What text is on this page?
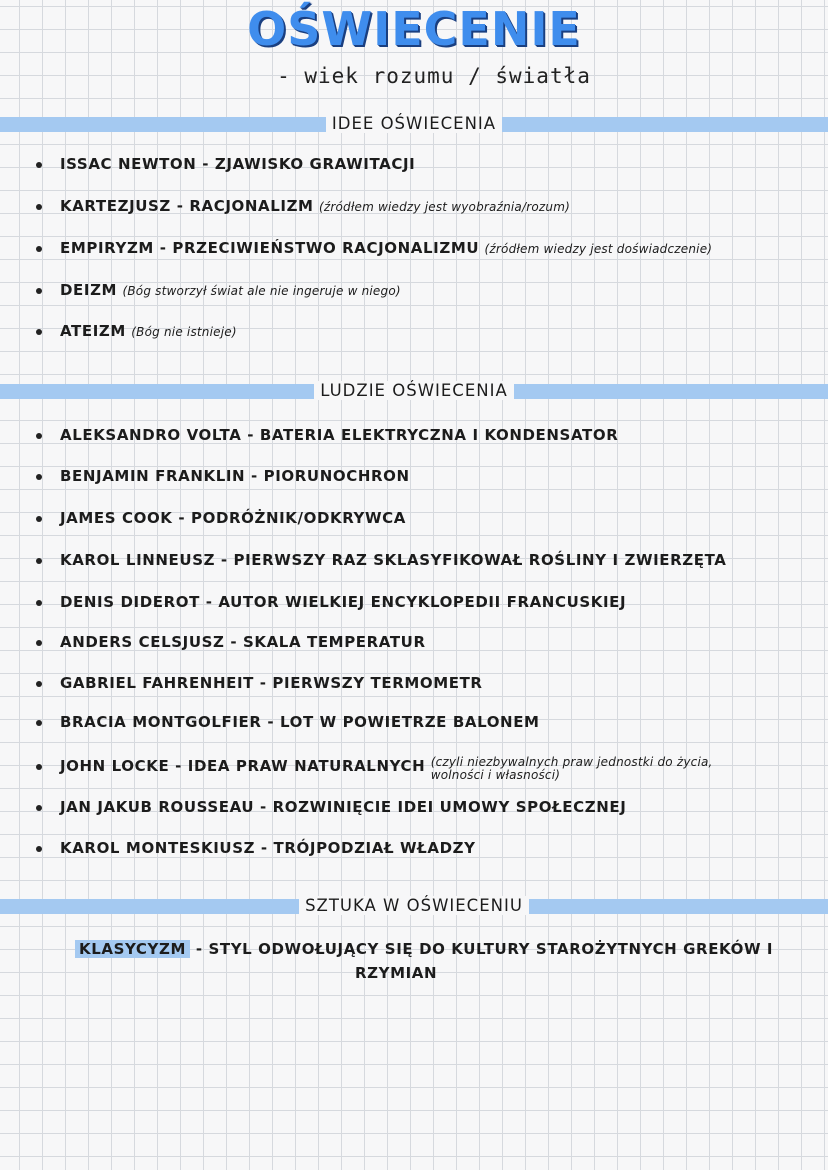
OŚWIECENIE
- wiek rozumu / światła
IDEE OŚWIECENIA
ISSAC NEWTON - ZJAWISKO GRAWITACJI
KARTEZJUSZ - RACJONALIZM (źródłem wiedzy jest wyobraźnia/rozum)
EMPIRYZM - PRZECIWIEŃSTWO RACJONALIZMU (źródłem wiedzy jest doświadczenie)
DEIZM (Bóg stworzył świat ale nie ingeruje w niego)
ATEIZM (Bóg nie istnieje)
LUDZIE OŚWIECENIA
ALEKSANDRO VOLTA - BATERIA ELEKTRYCZNA I KONDENSATOR
BENJAMIN FRANKLIN - PIORUNOCHRON
JAMES COOK - PODRÓŻNIK/ODKRYWCA
KAROL LINNEUSZ - PIERWSZY RAZ SKLASYFIKOWAŁ ROŚLINY I ZWIERZĘTA
DENIS DIDEROT - AUTOR WIELKIEJ ENCYKLOPEDII FRANCUSKIEJ
ANDERS CELSJUSZ - SKALA TEMPERATUR
GABRIEL FAHRENHEIT - PIERWSZY TERMOMETR
BRACIA MONTGOLFIER - LOT W POWIETRZE BALONEM
JOHN LOCKE - IDEA PRAW NATURALNYCH (czyli niezbywalnych praw jednostki do życia, wolności i własności)
JAN JAKUB ROUSSEAU - ROZWINIĘCIE IDEI UMOWY SPOŁECZNEJ
KAROL MONTESKIUSZ - TRÓJPODZIAŁ WŁADZY
SZTUKA W OŚWIECENIU
KLASYCYZM - STYL ODWOŁUJĄCY SIĘ DO KULTURY STAROŻYTNYCH GREKÓW I
RZYMIAN
